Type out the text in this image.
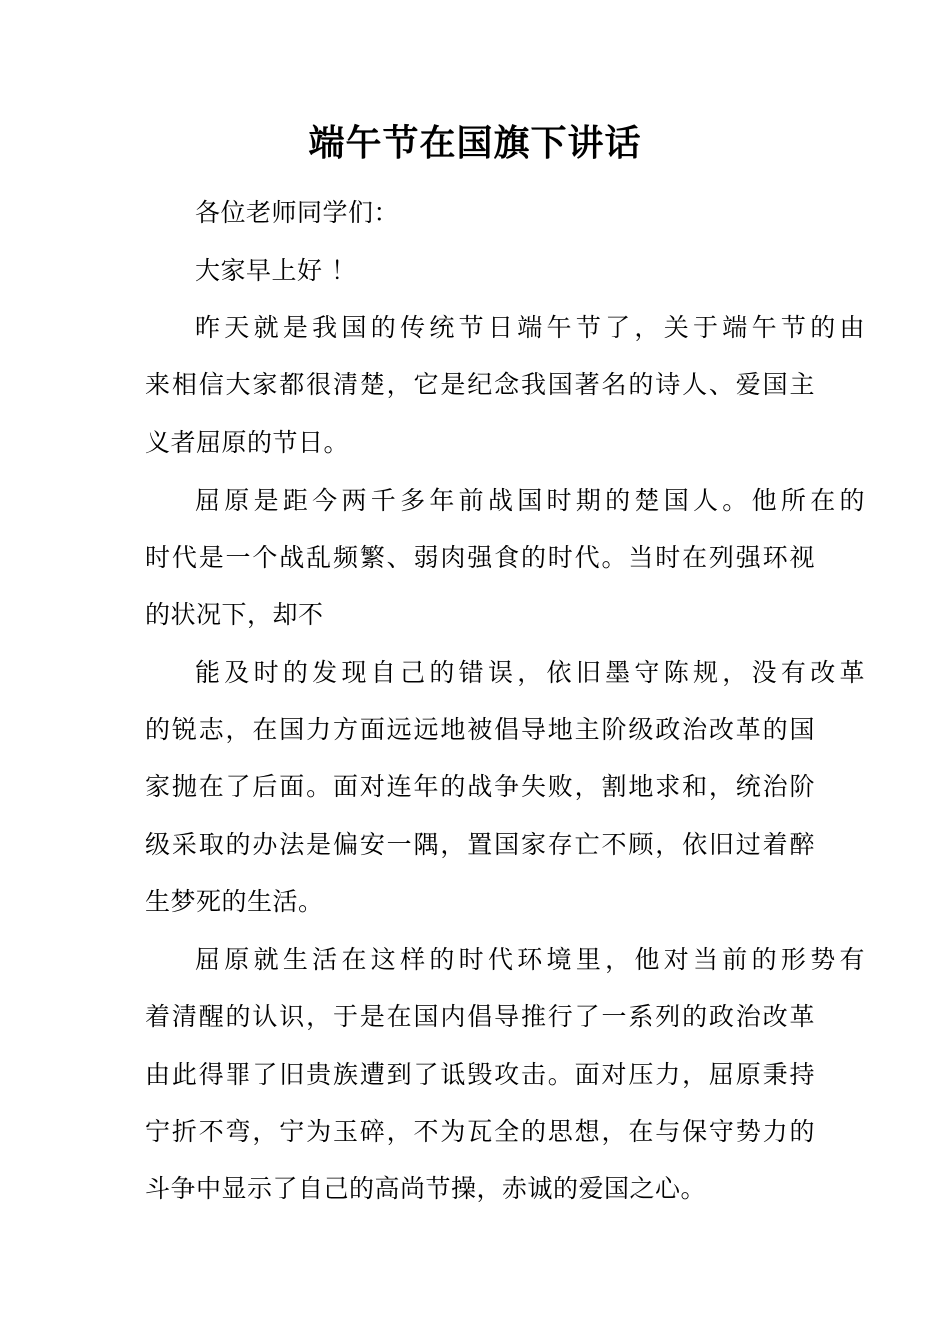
端午节在国旗下讲话
各位老师同学们：
大家早上好 ！
昨天就是我国的传统节日端午节了，关于端午节的由
来相信大家都很清楚，它是纪念我国著名的诗人、爱国主
义者屈原的节日。
屈原是距今两千多年前战国时期的楚国人。他所在的
时代是一个战乱频繁、弱肉强食的时代。当时在列强环视
的状况下，却不
能及时的发现自己的错误，依旧墨守陈规，没有改革
的锐志，在国力方面远远地被倡导地主阶级政治改革的国
家抛在了后面。面对连年的战争失败，割地求和，统治阶
级采取的办法是偏安一隅，置国家存亡不顾，依旧过着醉
生梦死的生活。
屈原就生活在这样的时代环境里，他对当前的形势有
着清醒的认识，于是在国内倡导推行了一系列的政治改革
由此得罪了旧贵族遭到了诋毁攻击。面对压力，屈原秉持
宁折不弯，宁为玉碎，不为瓦全的思想，在与保守势力的
斗争中显示了自己的高尚节操，赤诚的爱国之心。
